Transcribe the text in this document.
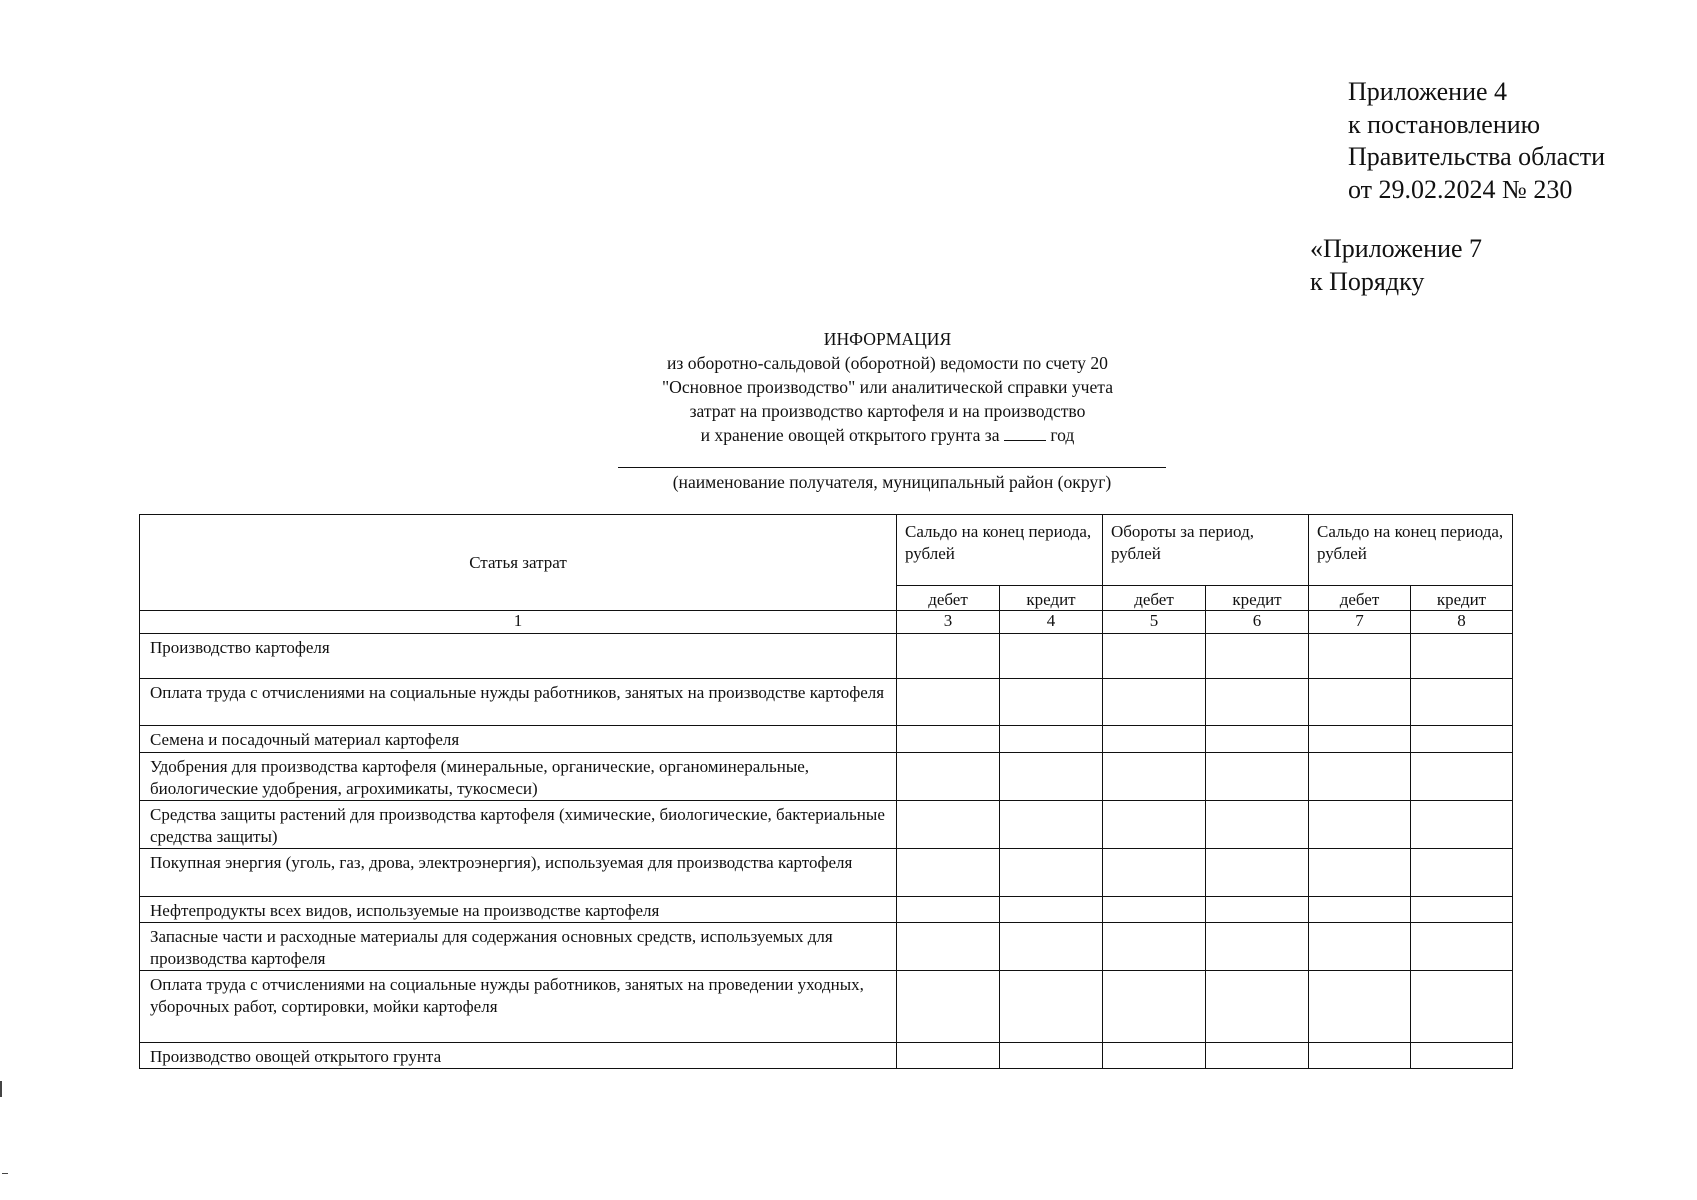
Приложение 4
к постановлению
Правительства области
от 29.02.2024 № 230
«Приложение 7
к Порядку
ИНФОРМАЦИЯ
из оборотно-сальдовой (оборотной) ведомости по счету 20
"Основное производство" или аналитической справки учета
затрат на производство картофеля и на производство
и хранение овощей открытого грунта за	год
(наименование получателя, муниципальный район (округ)
Статья затрат	Сальдо на конец периода, рублей		Обороты за период, рублей		Сальдо на конец периода, рублей	
	дебет	кредит	дебет	кредит	дебет	кредит
1	3	4	5	6	7	8
Производство картофеля						
Оплата труда с отчислениями на социальные нужды работников, занятых на производстве картофеля						
Семена и посадочный материал картофеля						
Удобрения для производства картофеля (минеральные, органические, органоминеральные, биологические удобрения, агрохимикаты, тукосмеси)						
Средства защиты растений для производства картофеля (химические, биологические, бактериальные средства защиты)						
Покупная энергия (уголь, газ, дрова, электроэнергия), используемая для производства картофеля						
Нефтепродукты всех видов, используемые на производстве картофеля						
Запасные части и расходные материалы для содержания основных средств, используемых для производства картофеля						
Оплата труда с отчислениями на социальные нужды работников, занятых на проведении уходных, уборочных работ, сортировки, мойки картофеля						
Производство овощей открытого грунта						
